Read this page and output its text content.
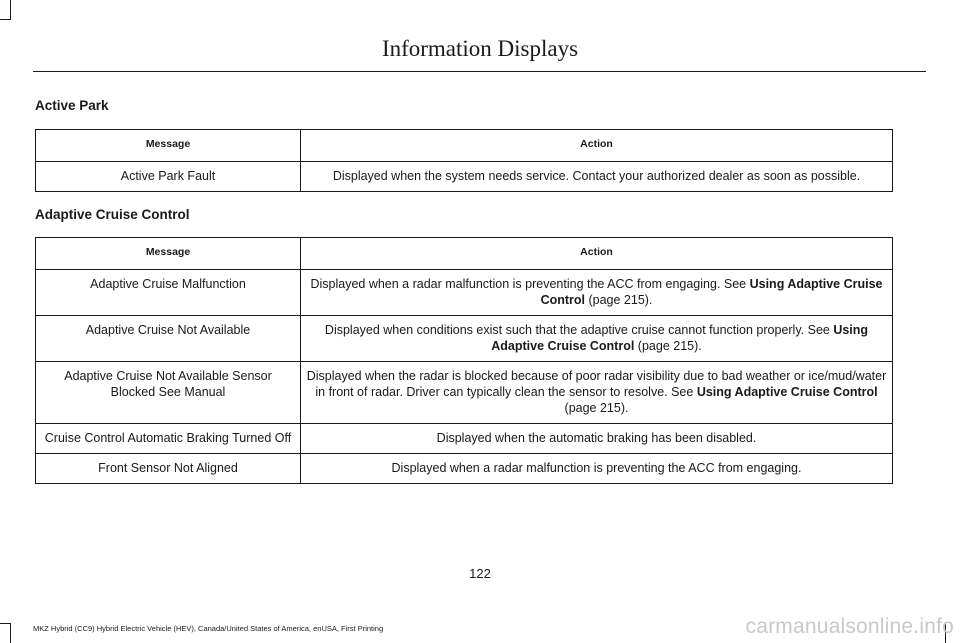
Information Displays
Active Park
Message	Action
Active Park Fault	Displayed when the system needs service. Contact your authorized dealer as soon as possible.
Adaptive Cruise Control
Message	Action
Adaptive Cruise Malfunction	Displayed when a radar malfunction is preventing the ACC from engaging. See Using Adaptive Cruise Control (page 215).
Adaptive Cruise Not Available	Displayed when conditions exist such that the adaptive cruise cannot function properly. See Using Adaptive Cruise Control (page 215).
Adaptive Cruise Not Available Sensor Blocked See Manual	Displayed when the radar is blocked because of poor radar visibility due to bad weather or ice/mud/water in front of radar. Driver can typically clean the sensor to resolve. See Using Adaptive Cruise Control (page 215).
Cruise Control Automatic Braking Turned Off	Displayed when the automatic braking has been disabled.
Front Sensor Not Aligned	Displayed when a radar malfunction is preventing the ACC from engaging.
122
MKZ Hybrid (CC9) Hybrid Electric Vehicle (HEV), Canada/United States of America, enUSA, First Printing	carmanualsonline.info
